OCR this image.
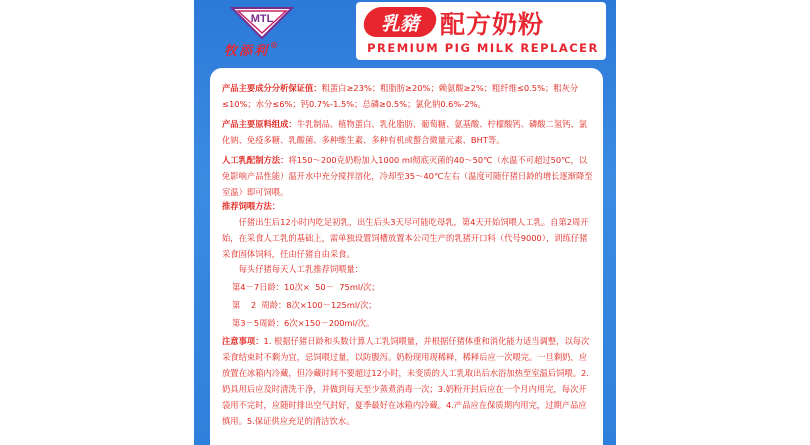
MTL
牧添利®
乳豬 配方奶粉
PREMIUM PIG MILK REPLACER

产品主要成分分析保证值：粗蛋白≥23%；粗脂肪≥20%；赖氨酸≥2%；粗纤维≤0.5%；粗灰分≤10%；水分≤6%；钙0.7%-1.5%；总磷≥0.5%；氯化钠0.6%-2%。

产品主要原料组成：牛乳制品、植物蛋白、乳化脂肪、葡萄糖、氨基酸、柠檬酸钙、磷酸二氢钙、氯化钠、免疫多糖、乳酸菌、多种维生素、多种有机或螯合微量元素、BHT等。

人工乳配制方法：将150～200克奶粉加入1000 ml彻底灭菌的40～50℃（水温不可超过50℃，以免影响产品性能）温开水中充分搅拌溶化，冷却至35～40℃左右（温度可随仔猪日龄的增长逐渐降至室温）即可饲喂。

推荐饲喂方法：

仔猪出生后12小时内吃足初乳，出生后头3天尽可能吃母乳，第4天开始饲喂人工乳。自第2周开始，在采食人工乳的基础上，需单独设置饲槽放置本公司生产的乳猪开口料（代号9000），训练仔猪采食固体饲料，任由仔猪自由采食。

每头仔猪每天人工乳推荐饲喂量：

第4－7日龄：10次×  50－  75ml/次；

第    2  周龄：8次×100－125ml/次；

第3－5周龄：6次×150－200ml/次。

注意事项：1. 根据仔猪日龄和头数计算人工乳饲喂量，并根据仔猪体重和消化能力适当调整，以每次采食结束时不剩为宜，忌饲喂过量，以防腹泻。奶粉现用现稀释，稀释后应一次喂完。一旦剩奶，应放置在冰箱内冷藏，但冷藏时间不要超过12小时，未变质的人工乳取出后水浴加热至室温后饲喂。2.奶具用后应及时清洗干净，并做到每天至少蒸煮消毒一次；3.奶粉开封后应在一个月内用完，每次开袋用不完时，应随时排出空气封好，夏季最好在冰箱内冷藏。4.产品应在保质期内用完，过期产品应慎用。5.保证供应充足的清洁饮水。
